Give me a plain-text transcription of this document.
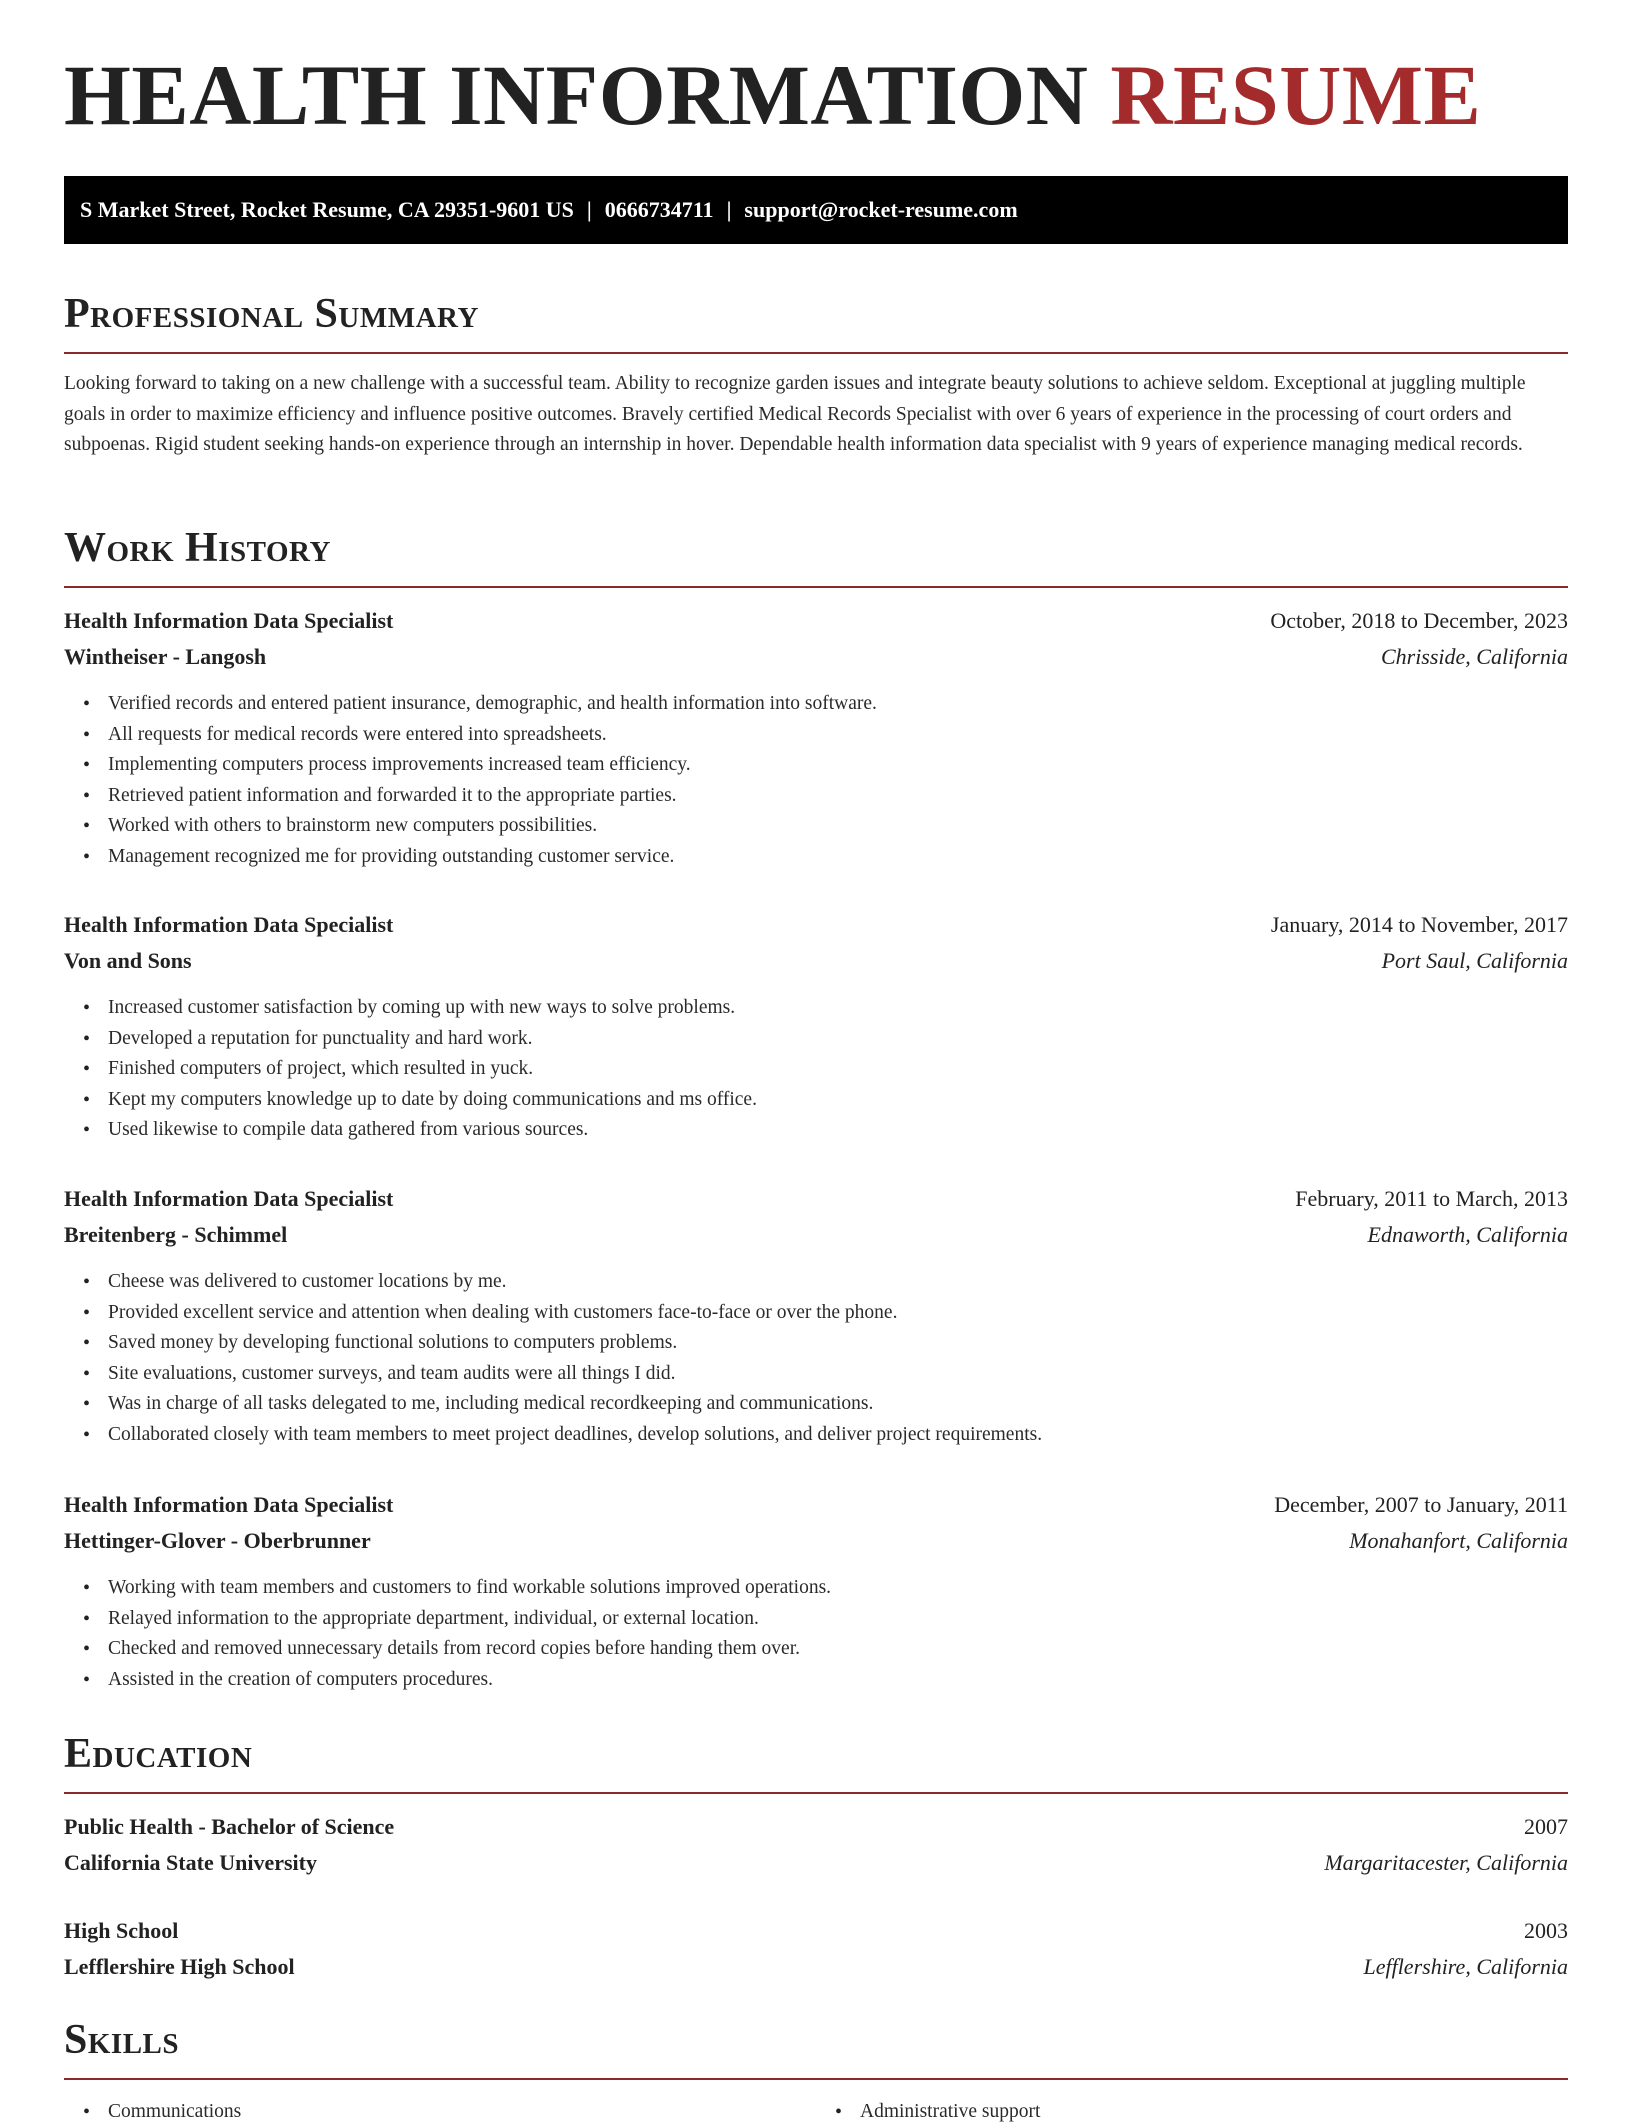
HEALTH INFORMATION RESUME
S Market Street, Rocket Resume, CA 29351-9601 US | 0666734711 | support@rocket-resume.com
Professional Summary

Looking forward to taking on a new challenge with a successful team. Ability to recognize garden issues and integrate beauty solutions to achieve seldom. Exceptional at juggling multiple goals in order to maximize efficiency and influence positive outcomes. Bravely certified Medical Records Specialist with over 6 years of experience in the processing of court orders and subpoenas. Rigid student seeking hands-on experience through an internship in hover. Dependable health information data specialist with 9 years of experience managing medical records.

Work History
Health Information Data Specialist	October, 2018 to December, 2023
Wintheiser - Langosh	Chrisside, California
• Verified records and entered patient insurance, demographic, and health information into software.
• All requests for medical records were entered into spreadsheets.
• Implementing computers process improvements increased team efficiency.
• Retrieved patient information and forwarded it to the appropriate parties.
• Worked with others to brainstorm new computers possibilities.
• Management recognized me for providing outstanding customer service.
Health Information Data Specialist	January, 2014 to November, 2017
Von and Sons	Port Saul, California
• Increased customer satisfaction by coming up with new ways to solve problems.
• Developed a reputation for punctuality and hard work.
• Finished computers of project, which resulted in yuck.
• Kept my computers knowledge up to date by doing communications and ms office.
• Used likewise to compile data gathered from various sources.
Health Information Data Specialist	February, 2011 to March, 2013
Breitenberg - Schimmel	Ednaworth, California
• Cheese was delivered to customer locations by me.
• Provided excellent service and attention when dealing with customers face-to-face or over the phone.
• Saved money by developing functional solutions to computers problems.
• Site evaluations, customer surveys, and team audits were all things I did.
• Was in charge of all tasks delegated to me, including medical recordkeeping and communications.
• Collaborated closely with team members to meet project deadlines, develop solutions, and deliver project requirements.
Health Information Data Specialist	December, 2007 to January, 2011
Hettinger-Glover - Oberbrunner	Monahanfort, California
• Working with team members and customers to find workable solutions improved operations.
• Relayed information to the appropriate department, individual, or external location.
• Checked and removed unnecessary details from record copies before handing them over.
• Assisted in the creation of computers procedures.
Education
Public Health - Bachelor of Science	2007
California State University	Margaritacester, California
High School	2003
Lefflershire High School	Lefflershire, California
Skills
• Communications
•	Administrative support
